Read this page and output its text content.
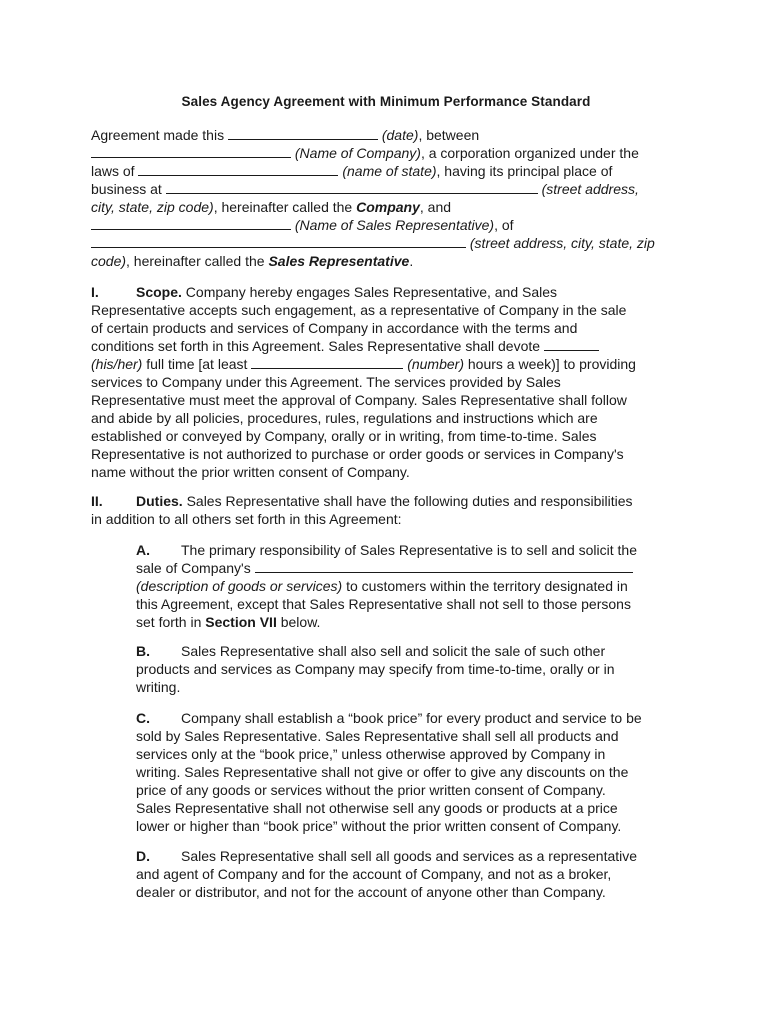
Sales Agency Agreement with Minimum Performance Standard
Agreement made this	(date), between
(Name of Company), a corporation organized under the
laws of	(name of state), having its principal place of
business at	(street address,
city, state, zip code), hereinafter called the Company, and
(Name of Sales Representative), of
(street address, city, state, zip
code), hereinafter called the Sales Representative.
I.	Scope. Company hereby engages Sales Representative, and Sales
Representative accepts such engagement, as a representative of Company in the sale
of certain products and services of Company in accordance with the terms and
conditions set forth in this Agreement. Sales Representative shall devote
(his/her) full time [at least	(number) hours a week)] to providing
services to Company under this Agreement. The services provided by Sales
Representative must meet the approval of Company. Sales Representative shall follow
and abide by all policies, procedures, rules, regulations and instructions which are
established or conveyed by Company, orally or in writing, from time-to-time. Sales
Representative is not authorized to purchase or order goods or services in Company's
name without the prior written consent of Company.
II. Duties. Sales Representative shall have the following duties and responsibilities
in addition to all others set forth in this Agreement:
A. The primary responsibility of Sales Representative is to sell and solicit the
sale of Company's
(description of goods or services) to customers within the territory designated in
this Agreement, except that Sales Representative shall not sell to those persons
set forth in Section VII below.
B. Sales Representative shall also sell and solicit the sale of such other
products and services as Company may specify from time-to-time, orally or in
writing.
C. Company shall establish a “book price” for every product and service to be
sold by Sales Representative. Sales Representative shall sell all products and
services only at the “book price,” unless otherwise approved by Company in
writing. Sales Representative shall not give or offer to give any discounts on the
price of any goods or services without the prior written consent of Company.
Sales Representative shall not otherwise sell any goods or products at a price
lower or higher than “book price” without the prior written consent of Company.
D. Sales Representative shall sell all goods and services as a representative
and agent of Company and for the account of Company, and not as a broker,
dealer or distributor, and not for the account of anyone other than Company.
